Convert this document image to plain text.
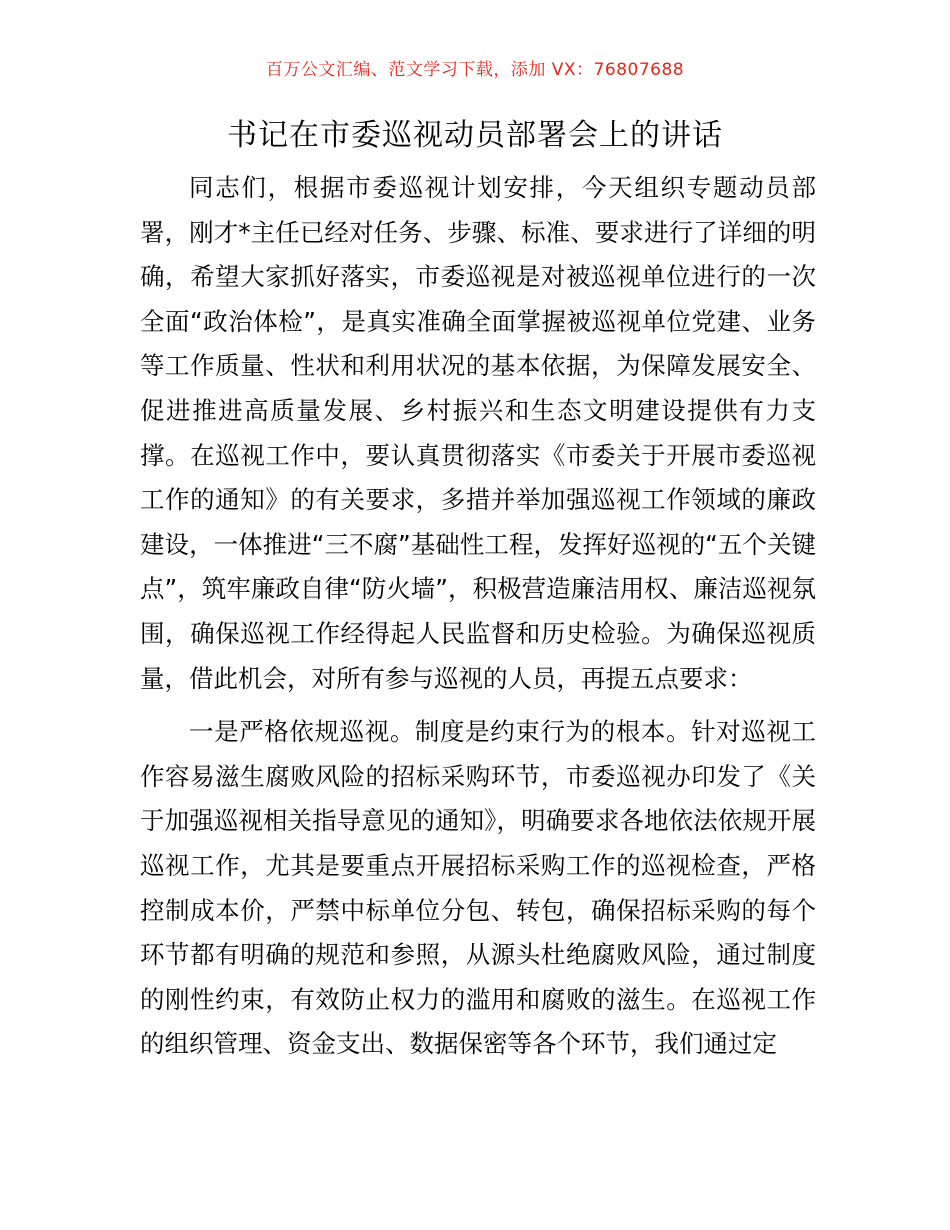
百万公文汇编、范文学习下载，添加 VX：76807688
书记在市委巡视动员部署会上的讲话

同志们，根据市委巡视计划安排，今天组织专题动员部署，刚才*主任已经对任务、步骤、标准、要求进行了详细的明确，希望大家抓好落实，市委巡视是对被巡视单位进行的一次全面“政治体检”，是真实准确全面掌握被巡视单位党建、业务等工作质量、性状和利用状况的基本依据，为保障发展安全、促进推进高质量发展、乡村振兴和生态文明建设提供有力支撑。在巡视工作中，要认真贯彻落实《市委关于开展市委巡视工作的通知》的有关要求，多措并举加强巡视工作领域的廉政建设，一体推进“三不腐”基础性工程，发挥好巡视的“五个关键点”，筑牢廉政自律“防火墙”，积极营造廉洁用权、廉洁巡视氛围，确保巡视工作经得起人民监督和历史检验。为确保巡视质量，借此机会，对所有参与巡视的人员，再提五点要求：

一是严格依规巡视。制度是约束行为的根本。针对巡视工作容易滋生腐败风险的招标采购环节，市委巡视办印发了《关于加强巡视相关指导意见的通知》，明确要求各地依法依规开展巡视工作，尤其是要重点开展招标采购工作的巡视检查，严格控制成本价，严禁中标单位分包、转包，确保招标采购的每个环节都有明确的规范和参照，从源头杜绝腐败风险，通过制度的刚性约束，有效防止权力的滥用和腐败的滋生。在巡视工作的组织管理、资金支出、数据保密等各个环节，我们通过定
